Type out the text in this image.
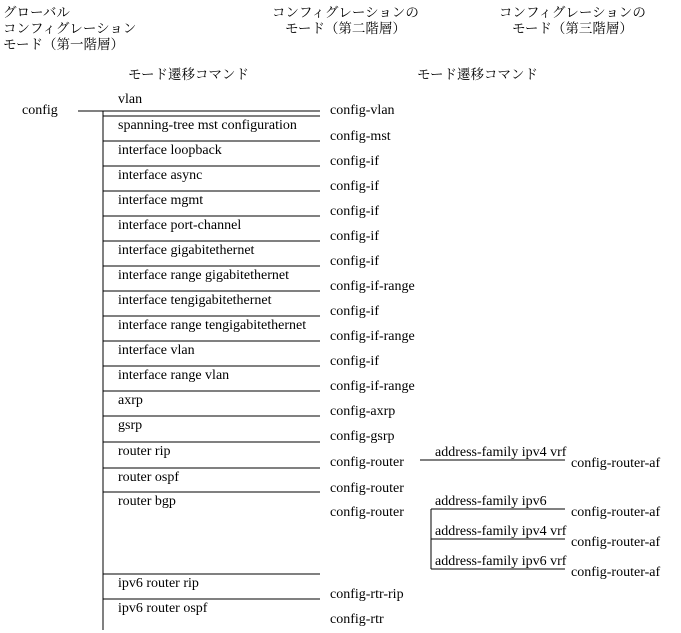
グローバル
コンフィグレーション
モード（第一階層）
コンフィグレーションの
モード（第二階層）
コンフィグレーションの
モード（第三階層）
モード遷移コマンド	モード遷移コマンド
config
vlan
config-vlan
spanning-tree mst configuration
config-mst
interface loopback
config-if
interface async
config-if
interface mgmt
config-if
interface port-channel
config-if
interface gigabitethernet
config-if
interface range gigabitethernet
config-if-range
interface tengigabitethernet
config-if
interface range tengigabitethernet
config-if-range
interface vlan
config-if
interface range vlan
config-if-range
axrp
config-axrp
gsrp
config-gsrp
router rip
config-router
address-family ipv4 vrf
config-router-af
router ospf
config-router
router bgp
config-router
address-family ipv6
config-router-af
address-family ipv4 vrf
config-router-af
address-family ipv6 vrf
config-router-af
ipv6 router rip
config-rtr-rip
ipv6 router ospf
config-rtr
